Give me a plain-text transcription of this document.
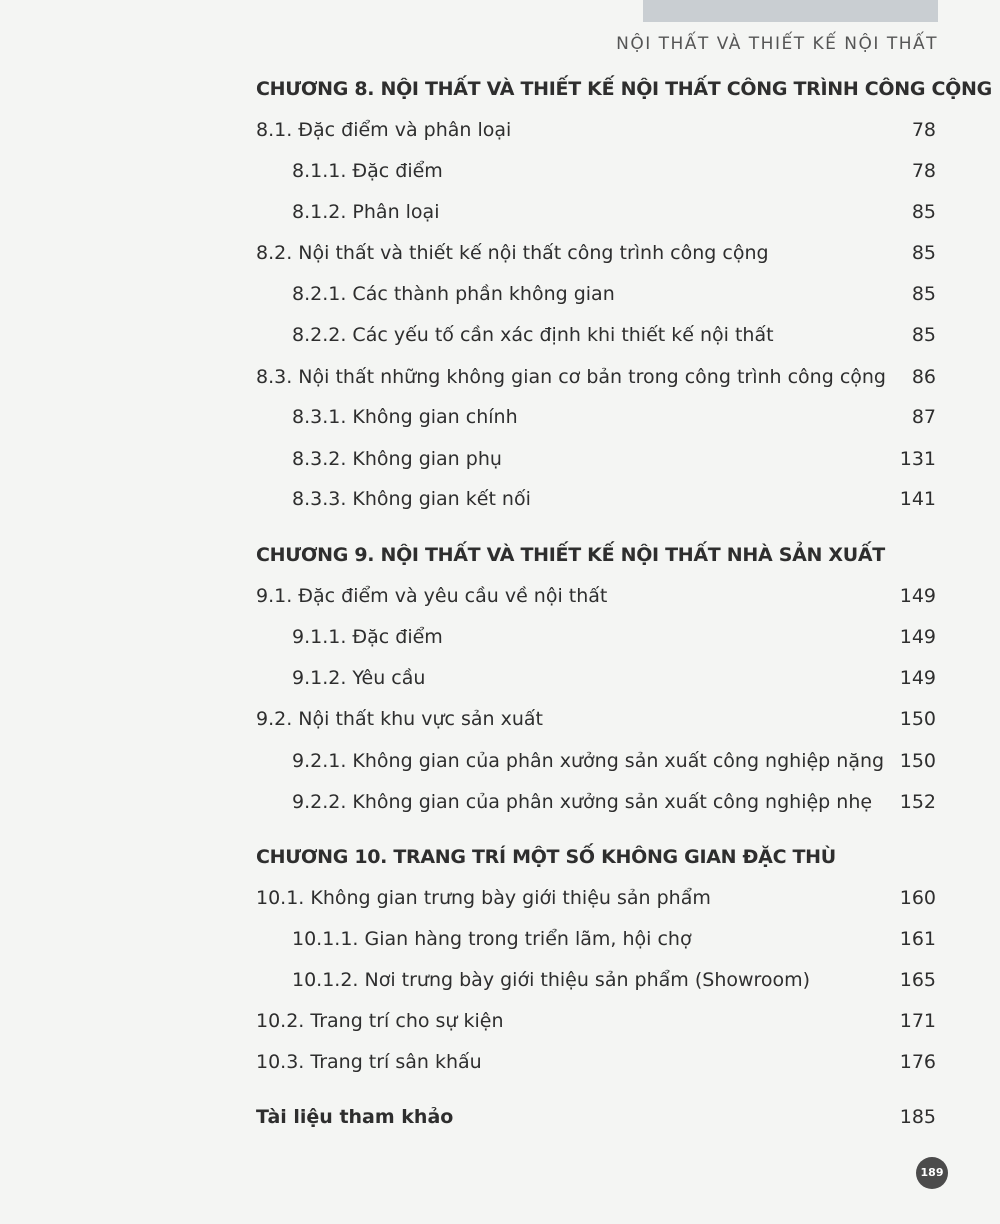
NỘI THẤT VÀ THIẾT KẾ NỘI THẤT
CHƯƠNG 8. NỘI THẤT VÀ THIẾT KẾ NỘI THẤT CÔNG TRÌNH CÔNG CỘNG
8.1. Đặc điểm và phân loại	78
8.1.1. Đặc điểm	78
8.1.2. Phân loại	85
8.2. Nội thất và thiết kế nội thất công trình công cộng	85
8.2.1. Các thành phần không gian	85
8.2.2. Các yếu tố cần xác định khi thiết kế nội thất	85
8.3. Nội thất những không gian cơ bản trong công trình công cộng 86
8.3.1. Không gian chính	87
8.3.2. Không gian phụ	131
8.3.3. Không gian kết nối	141
CHƯƠNG 9. NỘI THẤT VÀ THIẾT KẾ NỘI THẤT NHÀ SẢN XUẤT
9.1. Đặc điểm và yêu cầu về nội thất	149
9.1.1. Đặc điểm	149
9.1.2. Yêu cầu	149
9.2. Nội thất khu vực sản xuất	150
9.2.1. Không gian của phân xưởng sản xuất công nghiệp nặng 150
9.2.2. Không gian của phân xưởng sản xuất công nghiệp nhẹ 152
CHƯƠNG 10. TRANG TRÍ MỘT SỐ KHÔNG GIAN ĐẶC THÙ
10.1. Không gian trưng bày giới thiệu sản phẩm	160
10.1.1. Gian hàng trong triển lãm, hội chợ	161
10.1.2. Nơi trưng bày giới thiệu sản phẩm (Showroom)	165
10.2. Trang trí cho sự kiện	171
10.3. Trang trí sân khấu	176
Tài liệu tham khảo	185
189
